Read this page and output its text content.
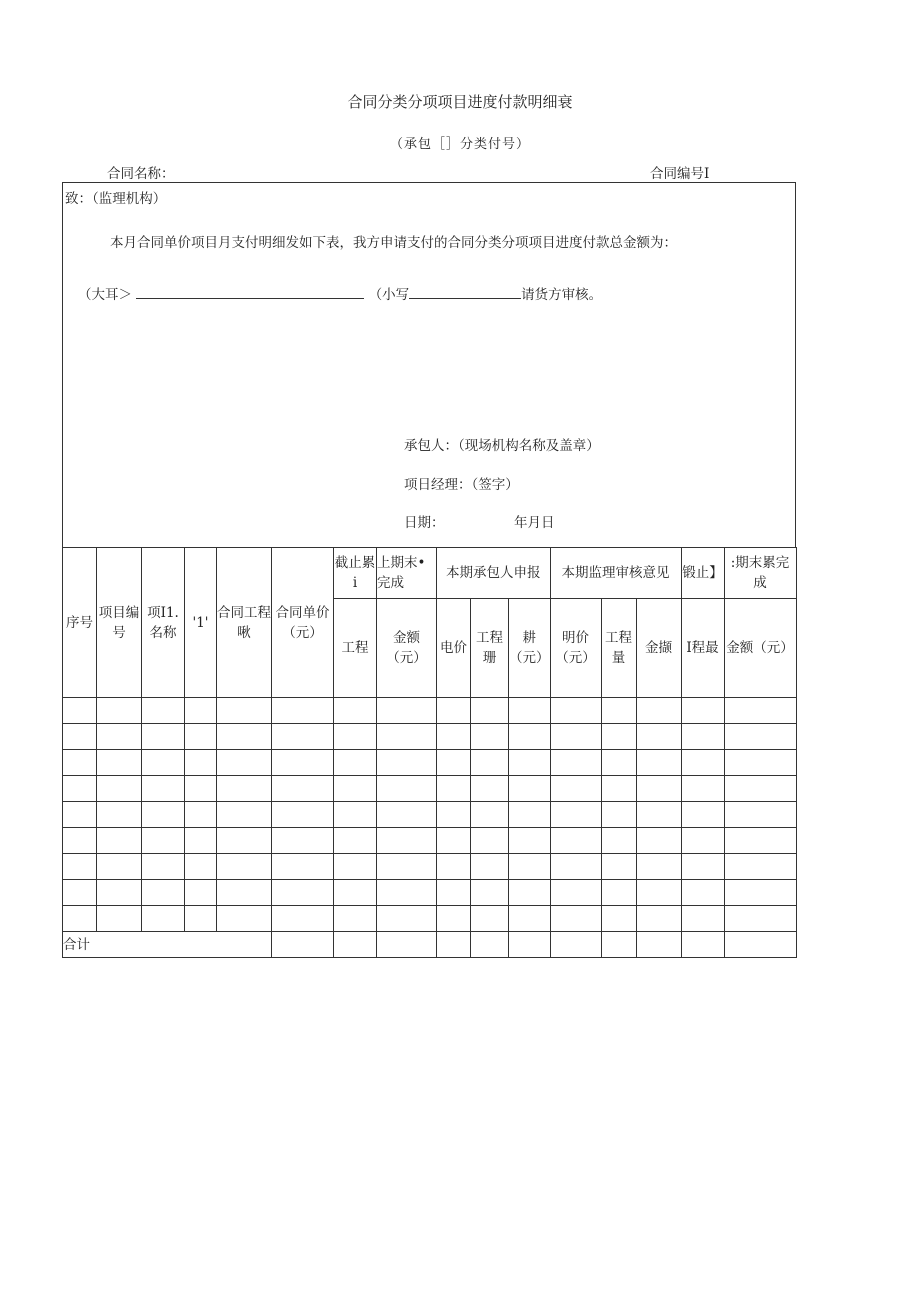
合同分类分项项目进度付款明细衰
（承包［］分类付号）
合同名称：	合同编号I
致：（监理机构）
本月合同单价项目月支付明细发如下表，我方申请支付的合同分类分项项目进度付款总金额为：
（大耳＞	（小写	请货方审核。
承包人：（现场机构名称及盖章）
项日经理：（签字）
日期：	年月日
序号	项目编号	项I1.名称	'1'	合同工程啾	合同单价（元）	截止累i	上期末•完成	本期承包人申报			本期监理审核意见			锻止】	:期末累完成
						工程	金额（元）	电价	工程珊	耕（元）	明价（元）	工程量	金撷	I程最	金额（元）

合计															
